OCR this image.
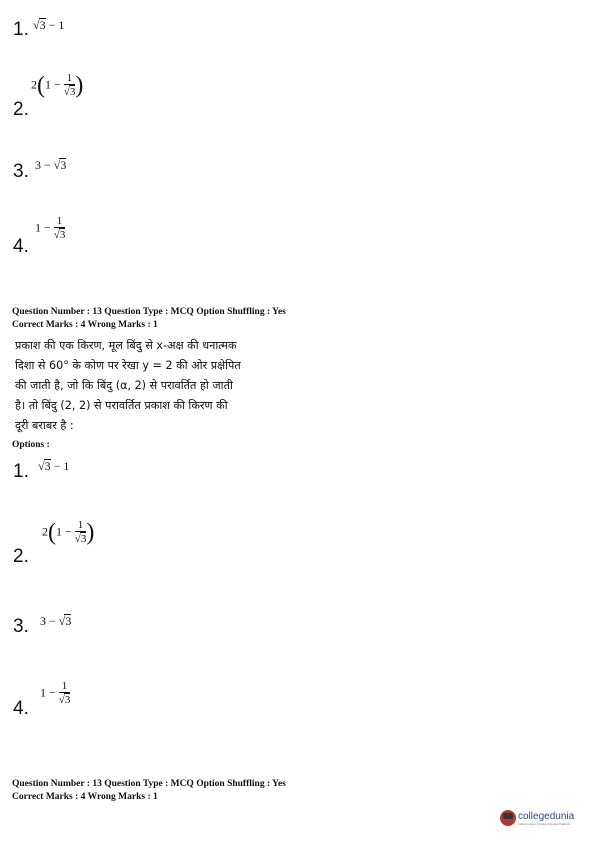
1. √3 − 1
2.
$2(1 - \frac{1}{√3}$ )
3. 3 − √3
4.
$1 - \frac{1}{√3}$
Question Number : 13 Question Type : MCQ Option Shuffling : Yes
Correct Marks : 4 Wrong Marks : 1
प्रकाश की एक किरण, मूल बिंदु से x-अक्ष की धनात्मक
दिशा से 60° के कोण पर रेखा y = 2 की ओर प्रक्षेपित
की जाती है, जो कि बिंदु (α, 2) से परावर्तित हो जाती
है। तो बिंदु (2, 2) से परावर्तित प्रकाश की किरण की
दूरी बराबर है :
Options :
1. √3 − 1
2.
$2(1 - \frac{1}{√3}$ )
3. 3 − √3
4.
$1 - \frac{1}{√3}$
Question Number : 13 Question Type : MCQ Option Shuffling : Yes
Correct Marks : 4 Wrong Marks : 1
collegedunia
India's largest Student Review Platform
